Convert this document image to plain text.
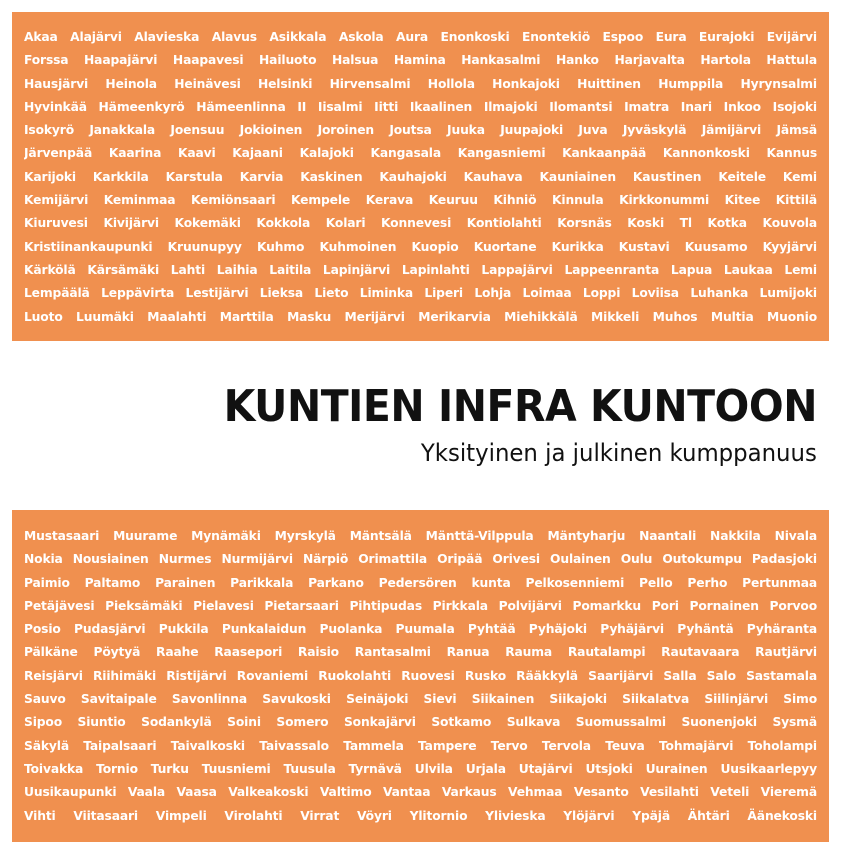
Akaa Alajärvi Alavieska Alavus Asikkala Askola Aura Enonkoski Enontekiö Espoo Eura Eurajoki Evijärvi
Forssa Haapajärvi Haapavesi Hailuoto Halsua Hamina Hankasalmi Hanko Harjavalta Hartola Hattula
Hausjärvi Heinola Heinävesi Helsinki Hirvensalmi Hollola Honkajoki Huittinen Humppila Hyrynsalmi
Hyvinkää Hämeenkyrö Hämeenlinna II Iisalmi Iitti Ikaalinen Ilmajoki Ilomantsi Imatra Inari Inkoo Isojoki
Isokyrö Janakkala Joensuu Jokioinen Joroinen Joutsa Juuka Juupajoki Juva Jyväskylä Jämijärvi Jämsä
Järvenpää Kaarina Kaavi Kajaani Kalajoki Kangasala Kangasniemi Kankaanpää Kannonkoski Kannus
Karijoki Karkkila Karstula Karvia Kaskinen Kauhajoki Kauhava Kauniainen Kaustinen Keitele Kemi
Kemijärvi Keminmaa Kemiönsaari Kempele Kerava Keuruu Kihniö Kinnula Kirkkonummi Kitee Kittilä
Kiuruvesi Kivijärvi Kokemäki Kokkola Kolari Konnevesi Kontiolahti Korsnäs Koski Tl Kotka Kouvola
Kristiinankaupunki Kruunupyy Kuhmo Kuhmoinen Kuopio Kuortane Kurikka Kustavi Kuusamo Kyyjärvi
Kärkölä Kärsämäki Lahti Laihia Laitila Lapinjärvi Lapinlahti Lappajärvi Lappeenranta Lapua Laukaa Lemi
Lempäälä Leppävirta Lestijärvi Lieksa Lieto Liminka Liperi Lohja Loimaa Loppi Loviisa Luhanka Lumijoki
Luoto Luumäki Maalahti Marttila Masku Merijärvi Merikarvia Miehikkälä Mikkeli Muhos Multia Muonio
KUNTIEN INFRA KUNTOON
Yksityinen ja julkinen kumppanuus
Mustasaari Muurame Mynämäki Myrskylä Mäntsälä Mänttä-Vilppula Mäntyharju Naantali Nakkila Nivala
Nokia Nousiainen Nurmes Nurmijärvi Närpiö Orimattila Oripää Orivesi Oulainen Oulu Outokumpu Padasjoki
Paimio Paltamo Parainen Parikkala Parkano Pedersören kunta Pelkosenniemi Pello Perho Pertunmaa
Petäjävesi Pieksämäki Pielavesi Pietarsaari Pihtipudas Pirkkala Polvijärvi Pomarkku Pori Pornainen Porvoo
Posio Pudasjärvi Pukkila Punkalaidun Puolanka Puumala Pyhtää Pyhäjoki Pyhäjärvi Pyhäntä Pyhäranta
Pälkäne Pöytyä Raahe Raasepori Raisio Rantasalmi Ranua Rauma Rautalampi Rautavaara Rautjärvi
Reisjärvi Riihimäki Ristijärvi Rovaniemi Ruokolahti Ruovesi Rusko Rääkkylä Saarijärvi Salla Salo Sastamala
Sauvo Savitaipale Savonlinna Savukoski Seinäjoki Sievi Siikainen Siikajoki Siikalatva Siilinjärvi Simo
Sipoo Siuntio Sodankylä Soini Somero Sonkajärvi Sotkamo Sulkava Suomussalmi Suonenjoki Sysmä
Säkylä Taipalsaari Taivalkoski Taivassalo Tammela Tampere Tervo Tervola Teuva Tohmajärvi Toholampi
Toivakka Tornio Turku Tuusniemi Tuusula Tyrnävä Ulvila Urjala Utajärvi Utsjoki Uurainen Uusikaarlepyy
Uusikaupunki Vaala Vaasa Valkeakoski Valtimo Vantaa Varkaus Vehmaa Vesanto Vesilahti Veteli Vieremä
Vihti Viitasaari Vimpeli Virolahti Virrat Vöyri Ylitornio Ylivieska Ylöjärvi Ypäjä Ähtäri Äänekoski
